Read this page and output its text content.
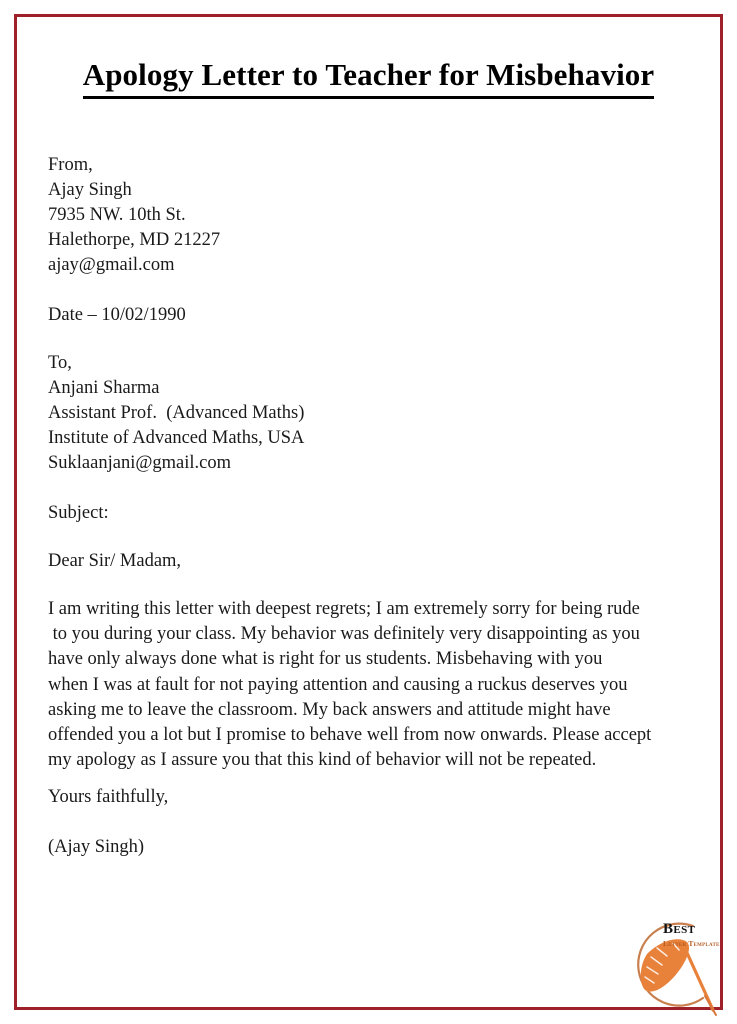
Apology Letter to Teacher for Misbehavior
From,
Ajay Singh
7935 NW. 10th St.
Halethorpe, MD 21227
ajay@gmail.com
Date – 10/02/1990
To,
Anjani Sharma
Assistant Prof.  (Advanced Maths)
Institute of Advanced Maths, USA
Suklaanjani@gmail.com
Subject:
Dear Sir/ Madam,
I am writing this letter with deepest regrets; I am extremely sorry for being rude
to you during your class. My behavior was definitely very disappointing as you
have only always done what is right for us students. Misbehaving with you
when I was at fault for not paying attention and causing a ruckus deserves you
asking me to leave the classroom. My back answers and attitude might have
offended you a lot but I promise to behave well from now onwards. Please accept
my apology as I assure you that this kind of behavior will not be repeated.
Yours faithfully,
(Ajay Singh)
Best
Letter Template
